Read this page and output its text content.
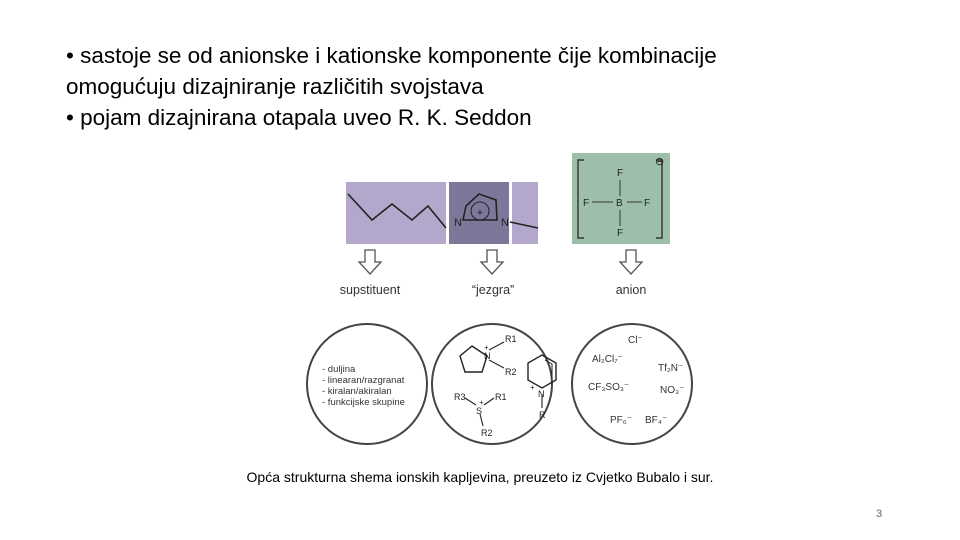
• sastoje se od anionske i kationske komponente čije kombinacije
omogućuju dizajniranje različitih svojstava
• pojam dizajnirana otapala uveo R. K. Seddon
+
N	N
⊖
F
B
F	F
F
supstituent	“jezgra”	anion
- duljina
- linearan/razgranat
- kiralan/akiralan
- funkcijske skupine
N
+
R1
R2
N
+
R
S
+
R3	R1
R2
Cl⁻
Al₂Cl₇⁻
Tf₂N⁻
CF₃SO₃⁻	NO₃⁻
PF₆⁻ BF₄⁻
Opća strukturna shema ionskih kapljevina, preuzeto iz Cvjetko Bubalo i sur.
3
